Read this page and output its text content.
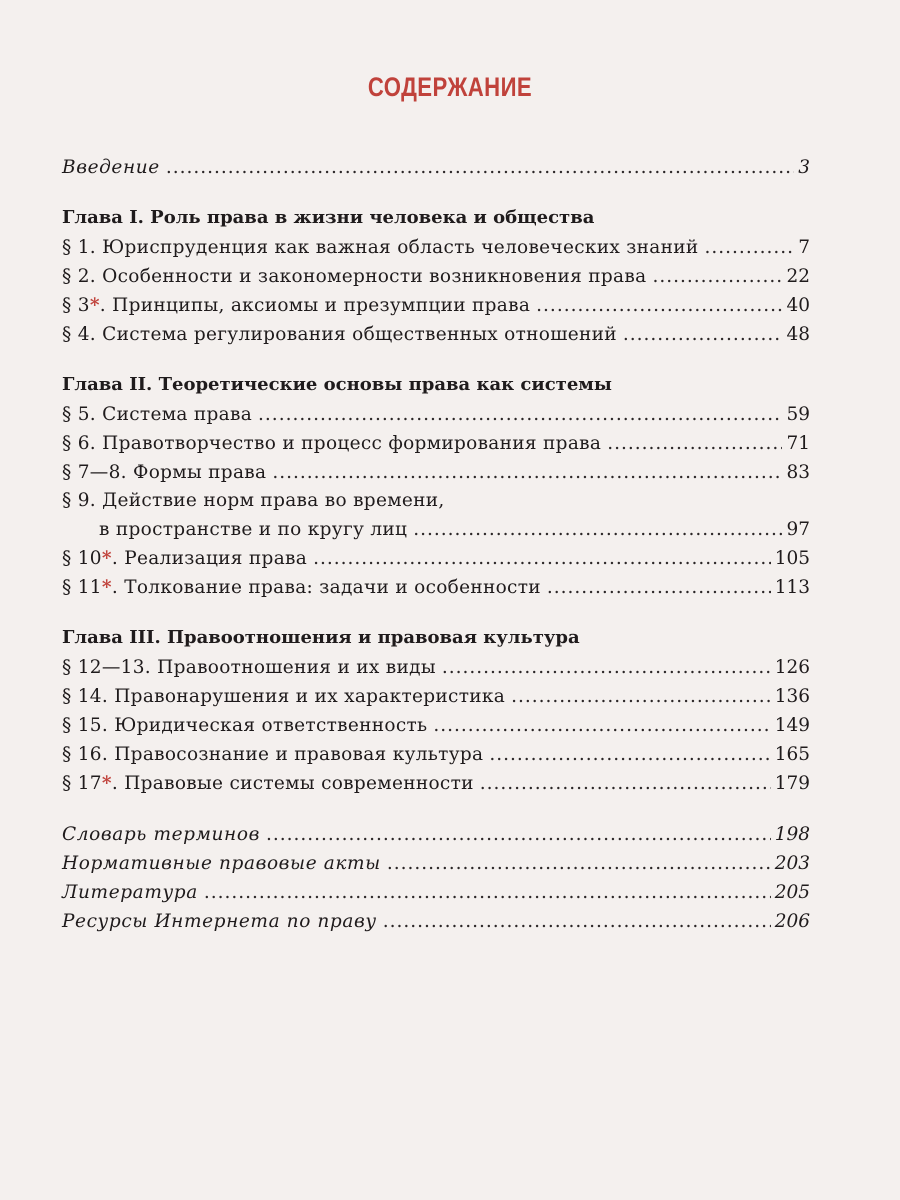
СОДЕРЖАНИЕ
Введение .....	3
Глава I. Роль права в жизни человека и общества
§ 1. Юриспруденция как важная область человеческих знаний .....	7
§ 2. Особенности и закономерности возникновения права .....	22
§ 3*. Принципы, аксиомы и презумпции права .....	40
§ 4. Система регулирования общественных отношений .....	48
Глава II. Теоретические основы права как системы
§ 5. Система права .....	59
§ 6. Правотворчество и процесс формирования права .....	71
§ 7—8. Формы права .....	83
§ 9. Действие норм права во времени,
в пространстве и по кругу лиц .....	97
§ 10*. Реализация права .....	105
§ 11*. Толкование права: задачи и особенности .....	113
Глава III. Правоотношения и правовая культура
§ 12—13. Правоотношения и их виды .....	126
§ 14. Правонарушения и их характеристика .....	136
§ 15. Юридическая ответственность .....	149
§ 16. Правосознание и правовая культура .....	165
§ 17*. Правовые системы современности .....	179
Словарь терминов .....	198
Нормативные правовые акты .....	203
Литература .....	205
Ресурсы Интернета по праву .....	206
